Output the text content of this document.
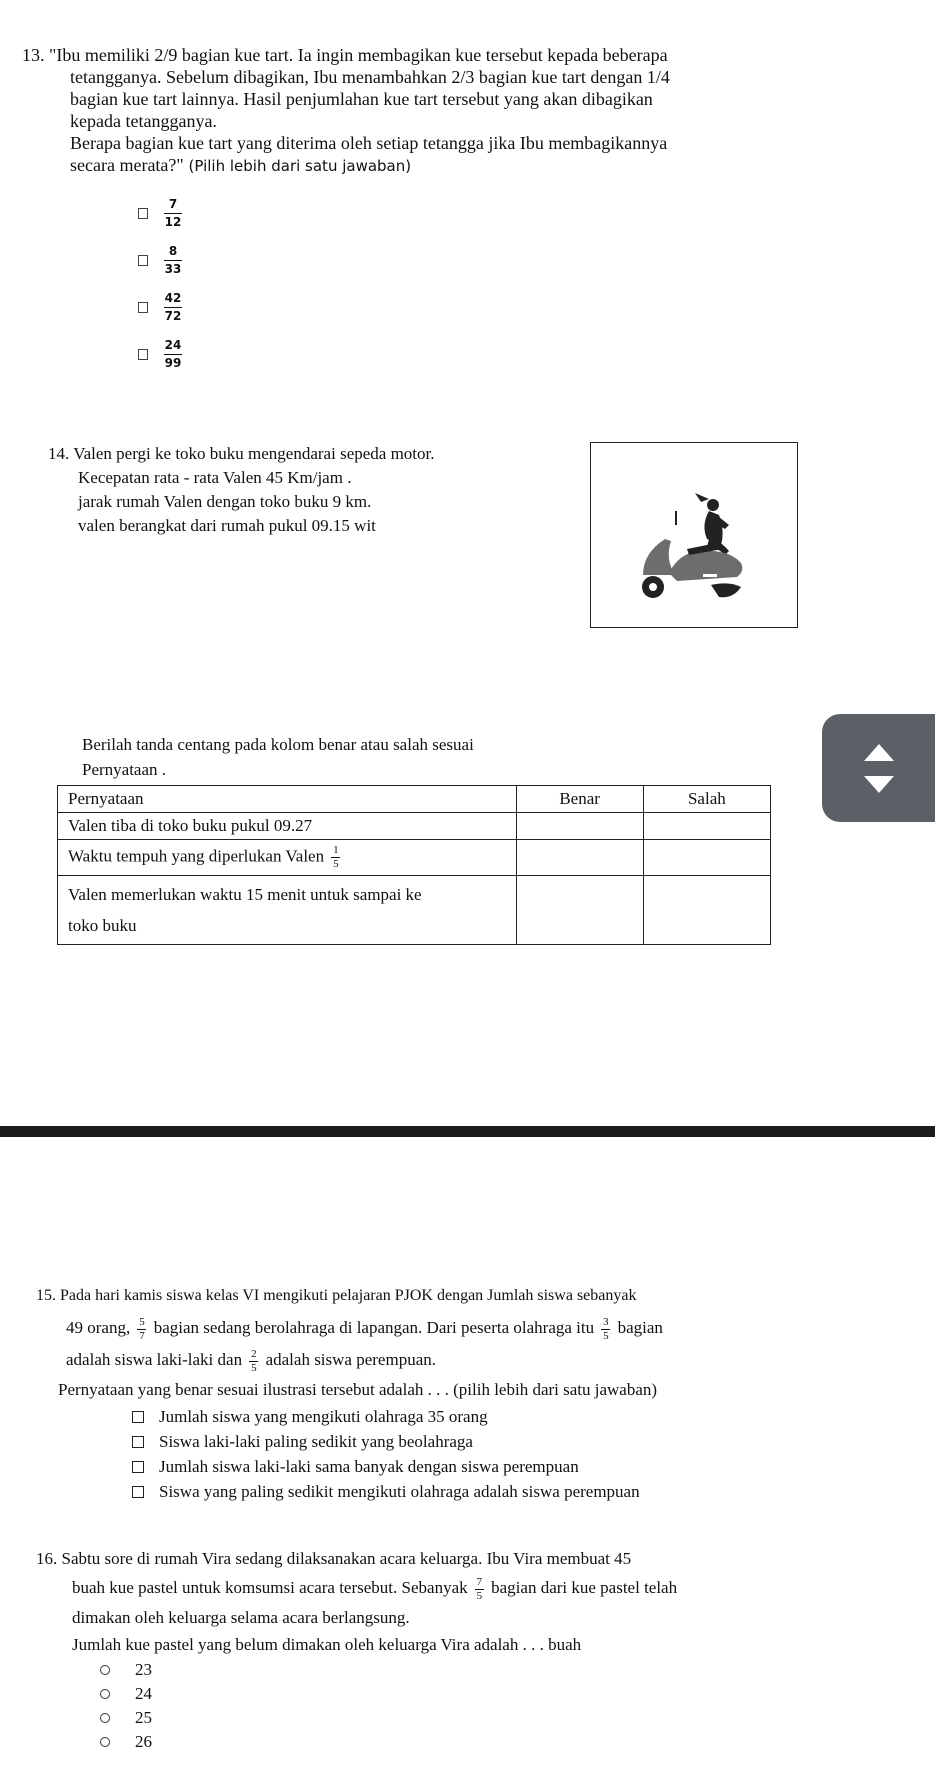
13. "Ibu memiliki 2/9 bagian kue tart. Ia ingin membagikan kue tersebut kepada beberapa

tetangganya. Sebelum dibagikan, Ibu menambahkan 2/3 bagian kue tart dengan 1/4

bagian kue tart lainnya. Hasil penjumlahan kue tart tersebut yang akan dibagikan

kepada tetangganya.

Berapa bagian kue tart yang diterima oleh setiap tetangga jika Ibu membagikannya

secara merata?" (Pilih lebih dari satu jawaban)

$\frac{7}{12}$
$\frac{8}{33}$
$\frac{42}{72}$
$\frac{24}{99}$

14. Valen pergi ke toko buku mengendarai sepeda motor.

Kecepatan rata - rata Valen 45 Km/jam .

jarak rumah Valen dengan toko buku 9 km.

valen berangkat dari rumah pukul 09.15 wit

Berilah tanda centang pada kolom benar atau salah sesuai

Pernyataan .

Pernyataan	Benar	Salah
Valen tiba di toko buku pukul 09.27		
Waktu tempuh yang diperlukan Valen $\frac{1}{5}$

Valen memerlukan waktu 15 menit untuk sampai ke
toko buku		

15. Pada hari kamis siswa kelas VI mengikuti pelajaran PJOK dengan Jumlah siswa sebanyak

49 orang, $\frac{5}{7}$ bagian sedang berolahraga di lapangan. Dari peserta olahraga itu $\frac{3}{5}$ bagian

adalah siswa laki-laki dan $\frac{2}{5}$ adalah siswa perempuan.

Pernyataan yang benar sesuai ilustrasi tersebut adalah . . . (pilih lebih dari satu jawaban)

Jumlah siswa yang mengikuti olahraga 35 orang
Siswa laki-laki paling sedikit yang beolahraga
Jumlah siswa laki-laki sama banyak dengan siswa perempuan
Siswa yang paling sedikit mengikuti olahraga adalah siswa perempuan

16. Sabtu sore di rumah Vira sedang dilaksanakan acara keluarga. Ibu Vira membuat 45

buah kue pastel untuk komsumsi acara tersebut. Sebanyak $\frac{7}{5}$ bagian dari kue pastel telah

dimakan oleh keluarga selama acara berlangsung.

Jumlah kue pastel yang belum dimakan oleh keluarga Vira adalah . . . buah

23
24
25
26
